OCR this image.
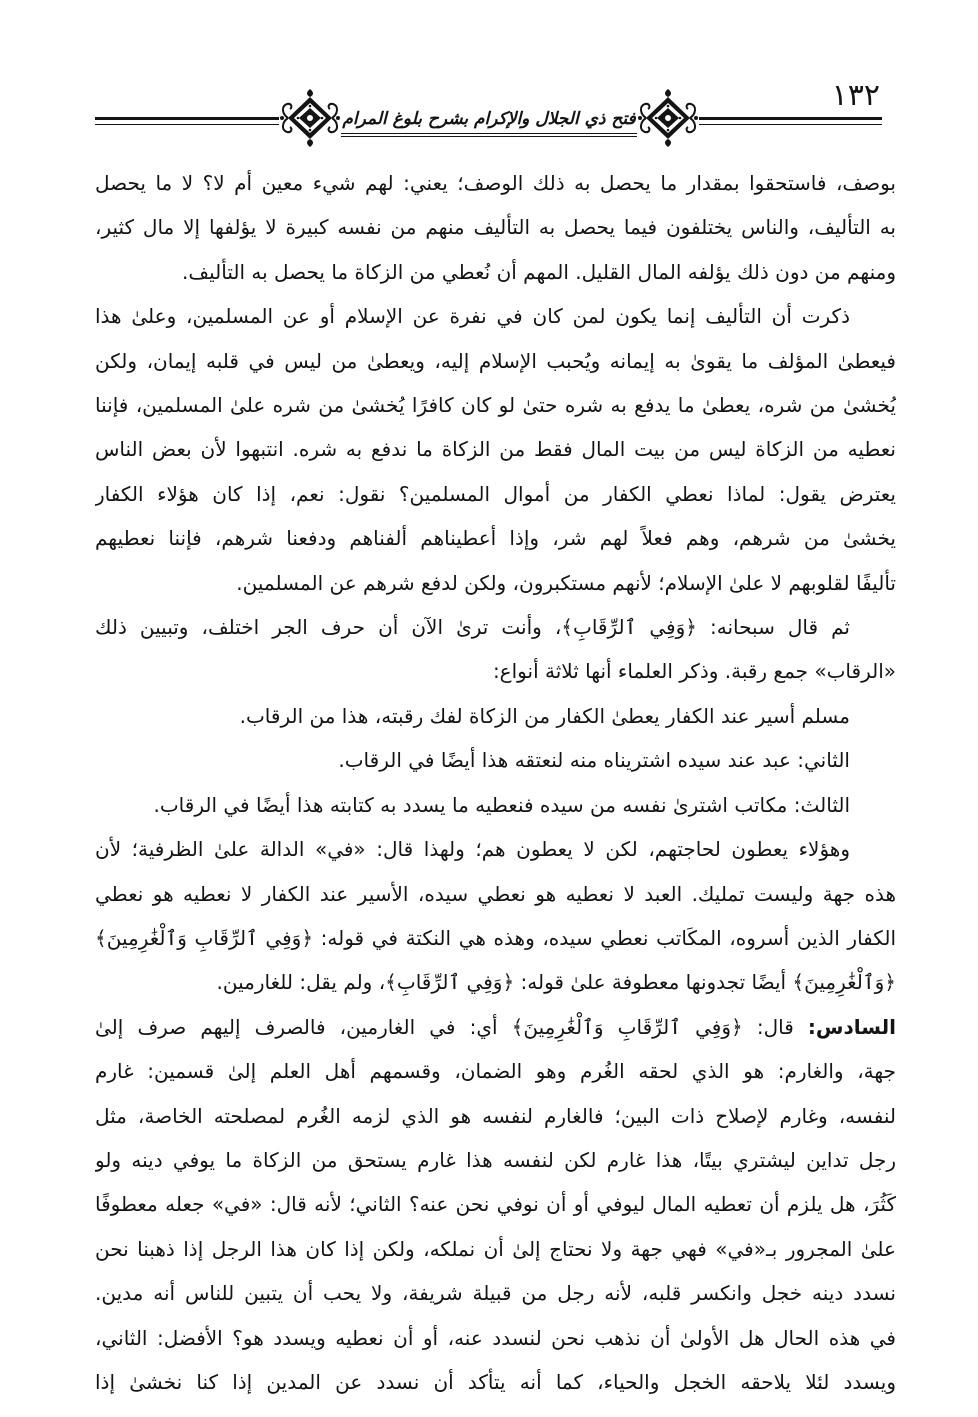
١٣٢
فتح ذي الجلال والإكرام بشرح بلوغ المرام
بوصف، فاستحقوا بمقدار ما يحصل به ذلك الوصف؛ يعني: لهم شيء معين أم لا؟ لا ما يحصل
به التأليف، والناس يختلفون فيما يحصل به التأليف منهم من نفسه كبيرة لا يؤلفها إلا مال كثير،
ومنهم من دون ذلك يؤلفه المال القليل. المهم أن نُعطي من الزكاة ما يحصل به التأليف.
ذكرت أن التأليف إنما يكون لمن كان في نفرة عن الإسلام أو عن المسلمين، وعلىٰ هذا
فيعطىٰ المؤلف ما يقوىٰ به إيمانه ويُحبب الإسلام إليه، ويعطىٰ من ليس في قلبه إيمان، ولكن
يُخشىٰ من شره، يعطىٰ ما يدفع به شره حتىٰ لو كان كافرًا يُخشىٰ من شره علىٰ المسلمين، فإننا
نعطيه من الزكاة ليس من بيت المال فقط من الزكاة ما ندفع به شره. انتبهوا لأن بعض الناس
يعترض يقول: لماذا نعطي الكفار من أموال المسلمين؟ نقول: نعم، إذا كان هؤلاء الكفار
يخشىٰ من شرهم، وهم فعلاً لهم شر، وإذا أعطيناهم ألفناهم ودفعنا شرهم، فإننا نعطيهم
تأليفًا لقلوبهم لا علىٰ الإسلام؛ لأنهم مستكبرون، ولكن لدفع شرهم عن المسلمين.
ثم قال سبحانه: ﴿وَفِي ٱلرِّقَابِ﴾، وأنت ترىٰ الآن أن حرف الجر اختلف، وتبيين ذلك
«الرقاب» جمع رقبة. وذكر العلماء أنها ثلاثة أنواع:
مسلم أسير عند الكفار يعطىٰ الكفار من الزكاة لفك رقبته، هذا من الرقاب.
الثاني: عبد عند سيده اشتريناه منه لنعتقه هذا أيضًا في الرقاب.
الثالث: مكاتب اشترىٰ نفسه من سيده فنعطيه ما يسدد به كتابته هذا أيضًا في الرقاب.
وهؤلاء يعطون لحاجتهم، لكن لا يعطون هم؛ ولهذا قال: «في» الدالة علىٰ الظرفية؛ لأن
هذه جهة وليست تمليك. العبد لا نعطيه هو نعطي سيده، الأسير عند الكفار لا نعطيه هو نعطي
الكفار الذين أسروه، المكَاتب نعطي سيده، وهذه هي النكتة في قوله: ﴿وَفِي ٱلرِّقَابِ وَٱلْغَٰرِمِينَ﴾
﴿وَٱلْغَٰرِمِينَ﴾ أيضًا تجدونها معطوفة علىٰ قوله: ﴿وَفِي ٱلرِّقَابِ﴾، ولم يقل: للغارمين.
السادس: قال: ﴿وَفِي ٱلرِّقَابِ وَٱلْغَٰرِمِينَ﴾ أي: في الغارمين، فالصرف إليهم صرف إلىٰ
جهة، والغارم: هو الذي لحقه الغُرم وهو الضمان، وقسمهم أهل العلم إلىٰ قسمين: غارم
لنفسه، وغارم لإصلاح ذات البين؛ فالغارم لنفسه هو الذي لزمه الغُرم لمصلحته الخاصة، مثل
رجل تداين ليشتري بيتًا، هذا غارم لكن لنفسه هذا غارم يستحق من الزكاة ما يوفي دينه ولو
كَثُرَ، هل يلزم أن تعطيه المال ليوفي أو أن نوفي نحن عنه؟ الثاني؛ لأنه قال: «في» جعله معطوفًا
علىٰ المجرور بـ«في» فهي جهة ولا نحتاج إلىٰ أن نملكه، ولكن إذا كان هذا الرجل إذا ذهبنا نحن
نسدد دينه خجل وانكسر قلبه، لأنه رجل من قبيلة شريفة، ولا يحب أن يتبين للناس أنه مدين.
في هذه الحال هل الأولىٰ أن نذهب نحن لنسدد عنه، أو أن نعطيه ويسدد هو؟ الأفضل: الثاني،
ويسدد لئلا يلاحقه الخجل والحياء، كما أنه يتأكد أن نسدد عن المدين إذا كنا نخشىٰ إذا
